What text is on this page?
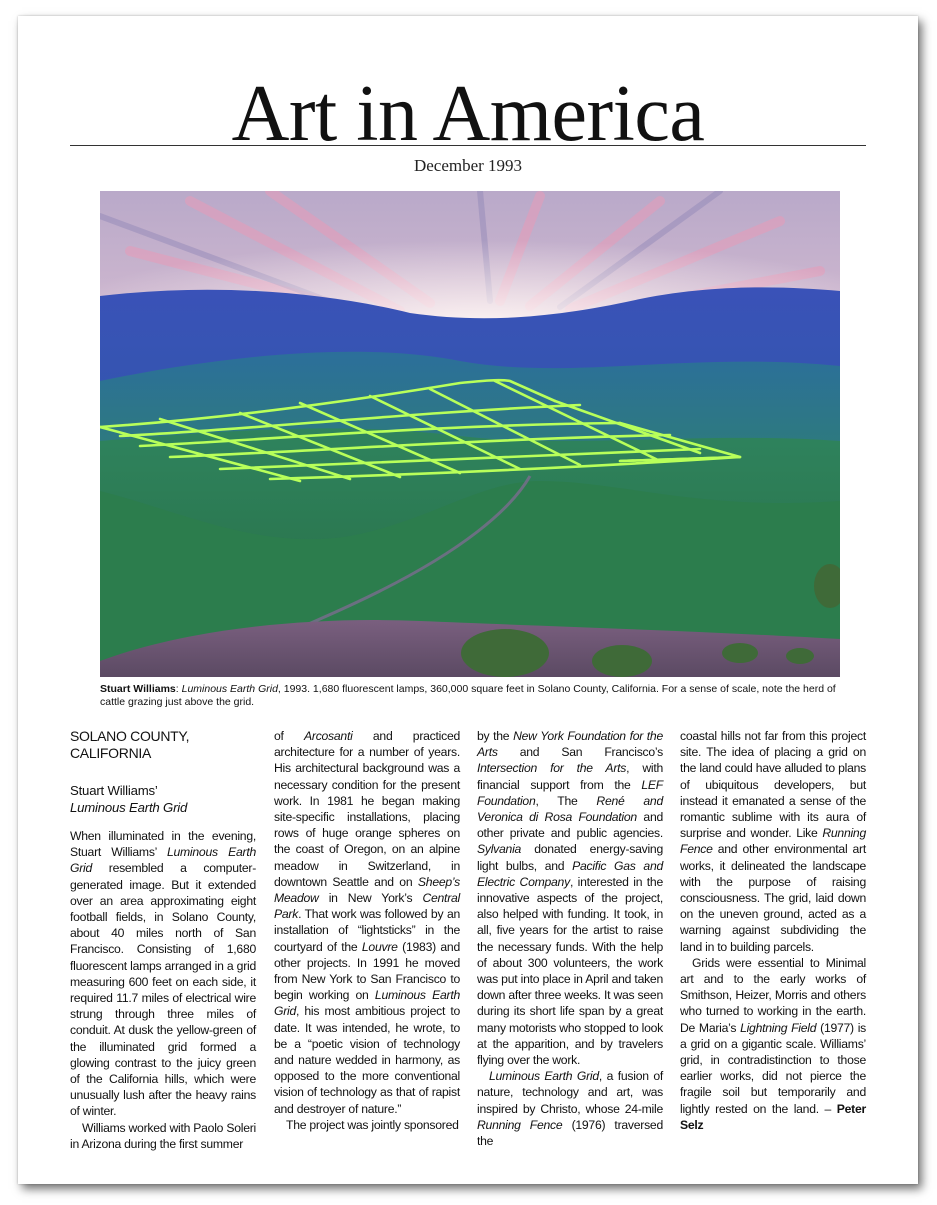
Art in America
December 1993
Stuart Williams: Luminous Earth Grid, 1993. 1,680 fluorescent lamps, 360,000 square feet in Solano County, California. For a sense of scale, note the herd of cattle grazing just above the grid.

SOLANO COUNTY, CALIFORNIA

Stuart Williams’
Luminous Earth Grid

When illuminated in the evening, Stuart Williams’ Luminous Earth Grid resembled a computer-generated image. But it extended over an area approximating eight football fields, in Solano County, about 40 miles north of San Francisco. Consisting of 1,680 fluorescent lamps arranged in a grid measuring 600 feet on each side, it required 11.7 miles of electrical wire strung through three miles of conduit. At dusk the yellow-green of the illuminated grid formed a glowing contrast to the juicy green of the California hills, which were unusually lush after the heavy rains of winter.

Williams worked with Paolo Soleri in Arizona during the first summer

of Arcosanti and practiced architecture for a number of years. His architectural background was a necessary condition for the present work. In 1981 he began making site-specific installations, placing rows of huge orange spheres on the coast of Oregon, on an alpine meadow in Switzerland, in downtown Seattle and on Sheep’s Meadow in New York’s Central Park. That work was followed by an installation of “lightsticks” in the courtyard of the Louvre (1983) and other projects. In 1991 he moved from New York to San Francisco to begin working on Luminous Earth Grid, his most ambitious project to date. It was intended, he wrote, to be a “poetic vision of technology and nature wedded in harmony, as opposed to the more conventional vision of technology as that of rapist and destroyer of nature.”

The project was jointly sponsored

by the New York Foundation for the Arts and San Francisco’s Intersection for the Arts, with financial support from the LEF Foundation, The René and Veronica di Rosa Foundation and other private and public agencies. Sylvania donated energy-saving light bulbs, and Pacific Gas and Electric Company, interested in the innovative aspects of the project, also helped with funding. It took, in all, five years for the artist to raise the necessary funds. With the help of about 300 volunteers, the work was put into place in April and taken down after three weeks. It was seen during its short life span by a great many motorists who stopped to look at the apparition, and by travelers flying over the work.

Luminous Earth Grid, a fusion of nature, technology and art, was inspired by Christo, whose 24-mile Running Fence (1976) traversed the

coastal hills not far from this project site. The idea of placing a grid on the land could have alluded to plans of ubiquitous developers, but instead it emanated a sense of the romantic sublime with its aura of surprise and wonder. Like Running Fence and other environmental art works, it delineated the landscape with the purpose of raising consciousness. The grid, laid down on the uneven ground, acted as a warning against subdividing the land in to building parcels.

Grids were essential to Minimal art and to the early works of Smithson, Heizer, Morris and others who turned to working in the earth. De Maria’s Lightning Field (1977) is a grid on a gigantic scale. Williams’ grid, in contradistinction to those earlier works, did not pierce the fragile soil but temporarily and lightly rested on the land. – Peter Selz
